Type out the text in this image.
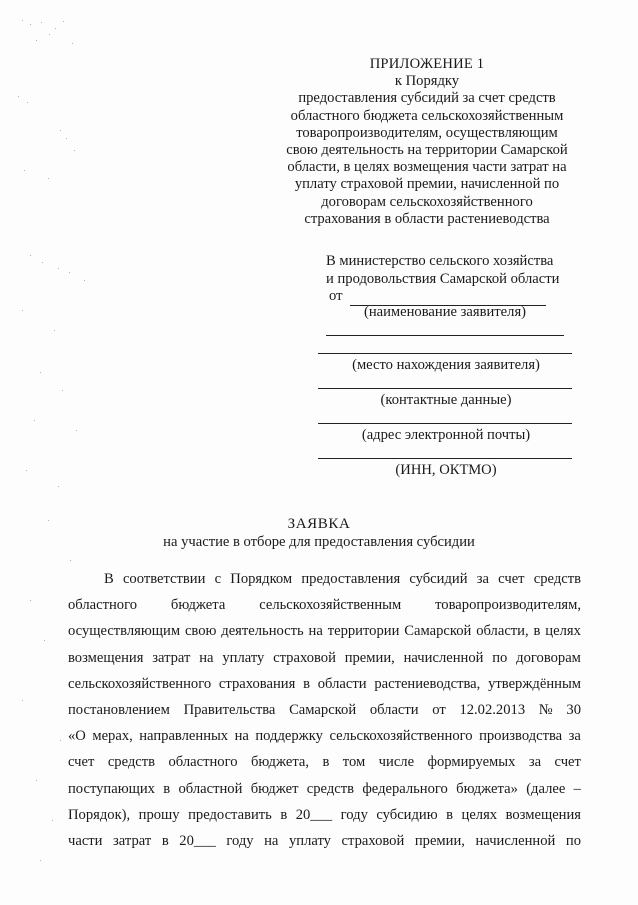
ПРИЛОЖЕНИЕ 1
к Порядку
предоставления субсидий за счет средств
областного бюджета сельскохозяйственным
товаропроизводителям, осуществляющим
свою деятельность на территории Самарской
области, в целях возмещения части затрат на
уплату страховой премии, начисленной по
договорам сельскохозяйственного
страхования в области растениеводства
В министерство сельского хозяйства
и продовольствия Самарской области
от
(наименование заявителя)
(место нахождения заявителя)
(контактные данные)
(адрес электронной почты)
(ИНН, ОКТМО)
ЗАЯВКА
на участие в отборе для предоставления субсидии
В соответствии с Порядком предоставления субсидий за счет средств
областного бюджета сельскохозяйственным товаропроизводителям,
осуществляющим свою деятельность на территории Самарской области, в целях
возмещения затрат на уплату страховой премии, начисленной по договорам
сельскохозяйственного страхования в области растениеводства, утверждённым
постановлением Правительства Самарской области от 12.02.2013 № 30
«О мерах, направленных на поддержку сельскохозяйственного производства за
счет средств областного бюджета, в том числе формируемых за счет
поступающих в областной бюджет средств федерального бюджета» (далее –
Порядок), прошу предоставить в 20___ году субсидию в целях возмещения
части затрат в 20___ году на уплату страховой премии, начисленной по
